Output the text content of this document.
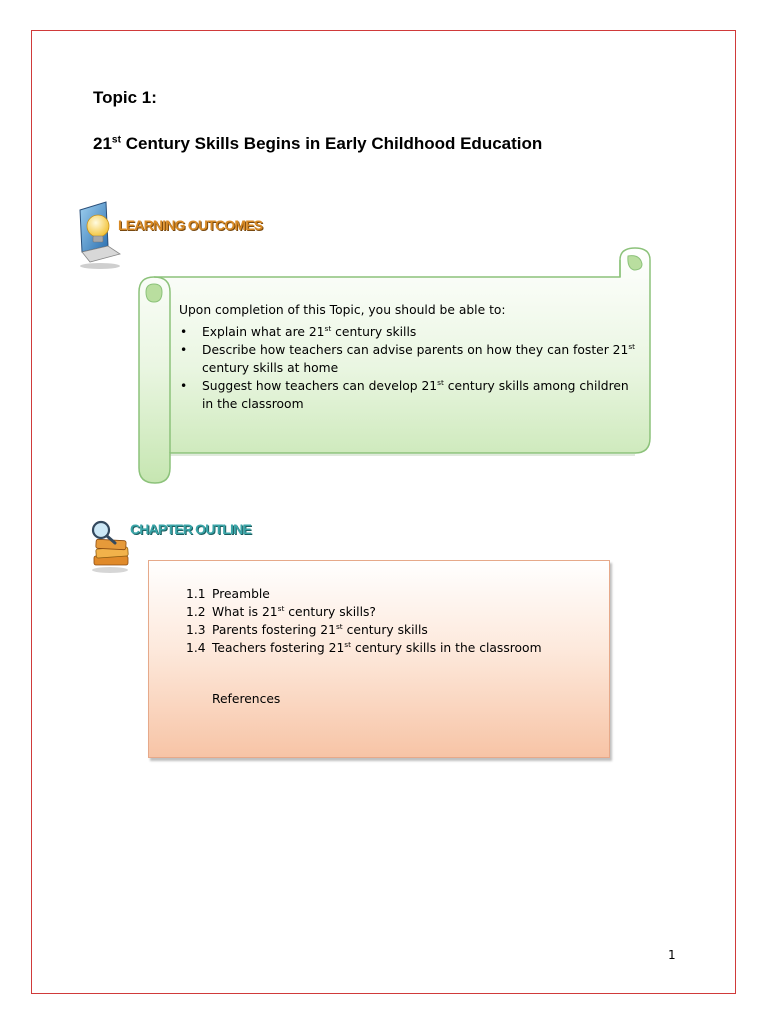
Topic 1:
21st Century Skills Begins in Early Childhood Education
LEARNING OUTCOMES

Upon completion of this Topic, you should be able to:

• Explain what are 21st century skills
• Describe how teachers can advise parents on how they can foster 21st century skills at home
• Suggest how teachers can develop 21st century skills among children in the classroom
CHAPTER OUTLINE
1.1 Preamble
1.2 What is 21st century skills?
1.3 Parents fostering 21st century skills
1.4 Teachers fostering 21st century skills in the classroom
References
1
